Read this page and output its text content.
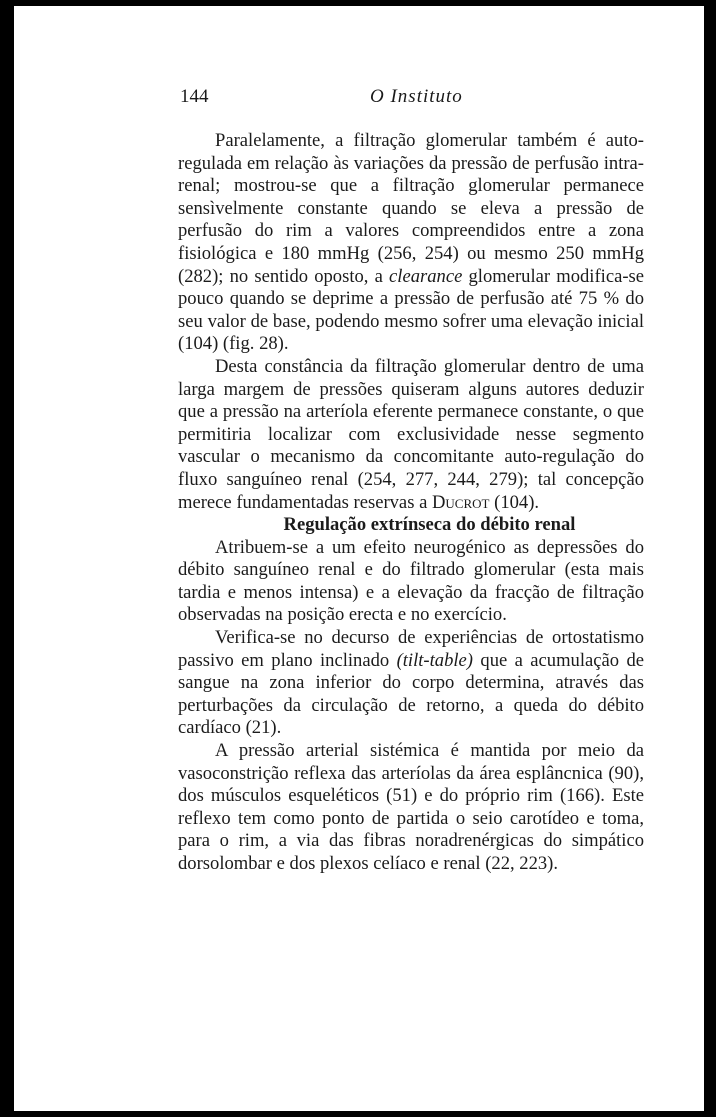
144	O Instituto

Paralelamente, a filtração glomerular também é auto-regulada em relação às variações da pressão de perfusão intra-renal; mostrou-se que a filtração glomerular permanece sensìvelmente constante quando se eleva a pressão de perfusão do rim a valores compreendidos entre a zona fisiológica e 180 mmHg (256, 254) ou mesmo 250 mmHg (282); no sentido oposto, a clearance glomerular modifica-se pouco quando se deprime a pressão de perfusão até 75 % do seu valor de base, podendo mesmo sofrer uma elevação inicial (104) (fig. 28).

Desta constância da filtração glomerular dentro de uma larga margem de pressões quiseram alguns autores deduzir que a pressão na arteríola eferente permanece constante, o que permitiria localizar com exclusividade nesse segmento vascular o mecanismo da concomitante auto-regulação do fluxo sanguíneo renal (254, 277, 244, 279); tal concepção merece fundamentadas reservas a Ducrot (104).

Regulação extrínseca do débito renal

Atribuem-se a um efeito neurogénico as depressões do débito sanguíneo renal e do filtrado glomerular (esta mais tardia e menos intensa) e a elevação da fracção de filtração observadas na posição erecta e no exercício.

Verifica-se no decurso de experiências de ortostatismo passivo em plano inclinado (tilt-table) que a acumulação de sangue na zona inferior do corpo determina, através das perturbações da circulação de retorno, a queda do débito cardíaco (21).

A pressão arterial sistémica é mantida por meio da vasoconstrição reflexa das arteríolas da área esplâncnica (90), dos músculos esqueléticos (51) e do próprio rim (166). Este reflexo tem como ponto de partida o seio carotídeo e toma, para o rim, a via das fibras noradrenérgicas do simpático dorsolombar e dos plexos celíaco e renal (22, 223).
